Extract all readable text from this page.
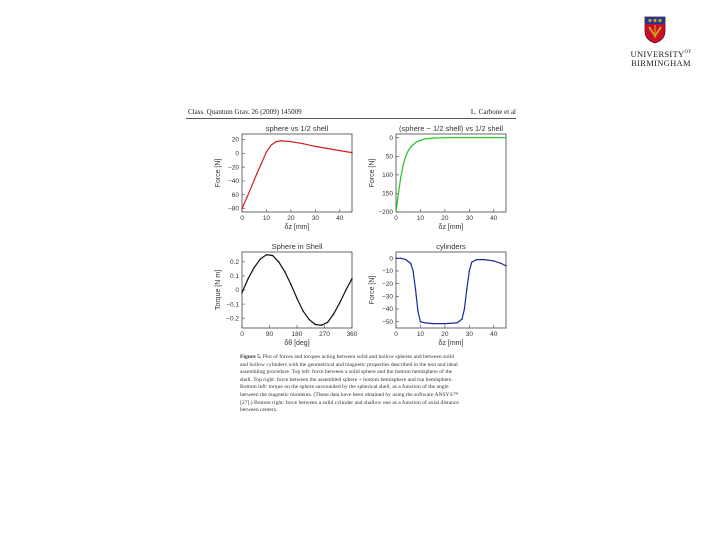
$UNIVERSITY^{OF}$
BIRMINGHAM
Class. Quantum Grav. 26 (2009) 145009	L. Carbone et al
sphere vs 1/2 shell
0	10	20	30	40
20
0
−20
−40
60
−80
δz [mm]
Force [N]
(sphere − 1/2 shell) vs 1/2 shell
0	10	20	30	40
0
50
100
150
−200
δz [mm]
Force [N]
Sphere in Shell
0	90	180	270	360
0.2
0.1
0
−0.1
−0.2
δθ [deg]
Torque [N m]
cylinders
0	10	20	30	40
0
−10
−20
−30
−40
−50
δz [mm]
Force [N]
Figure 5. Plot of forces and torques acting between solid and hollow spheres and between solid
and hollow cylinders with the geometrical and magnetic properties described in the text and ideal
assembling procedure. Top left: force between a solid sphere and the bottom hemisphere of the
shell. Top right: force between the assembled sphere + bottom hemisphere and top hemisphere.
Bottom left: torque on the sphere surrounded by the spherical shell, as a function of the angle
between the magnetic moments. (These data have been obtained by using the software ANSYS™
[27].) Bottom right: force between a solid cylinder and shallow one as a function of axial distance
between centers.
